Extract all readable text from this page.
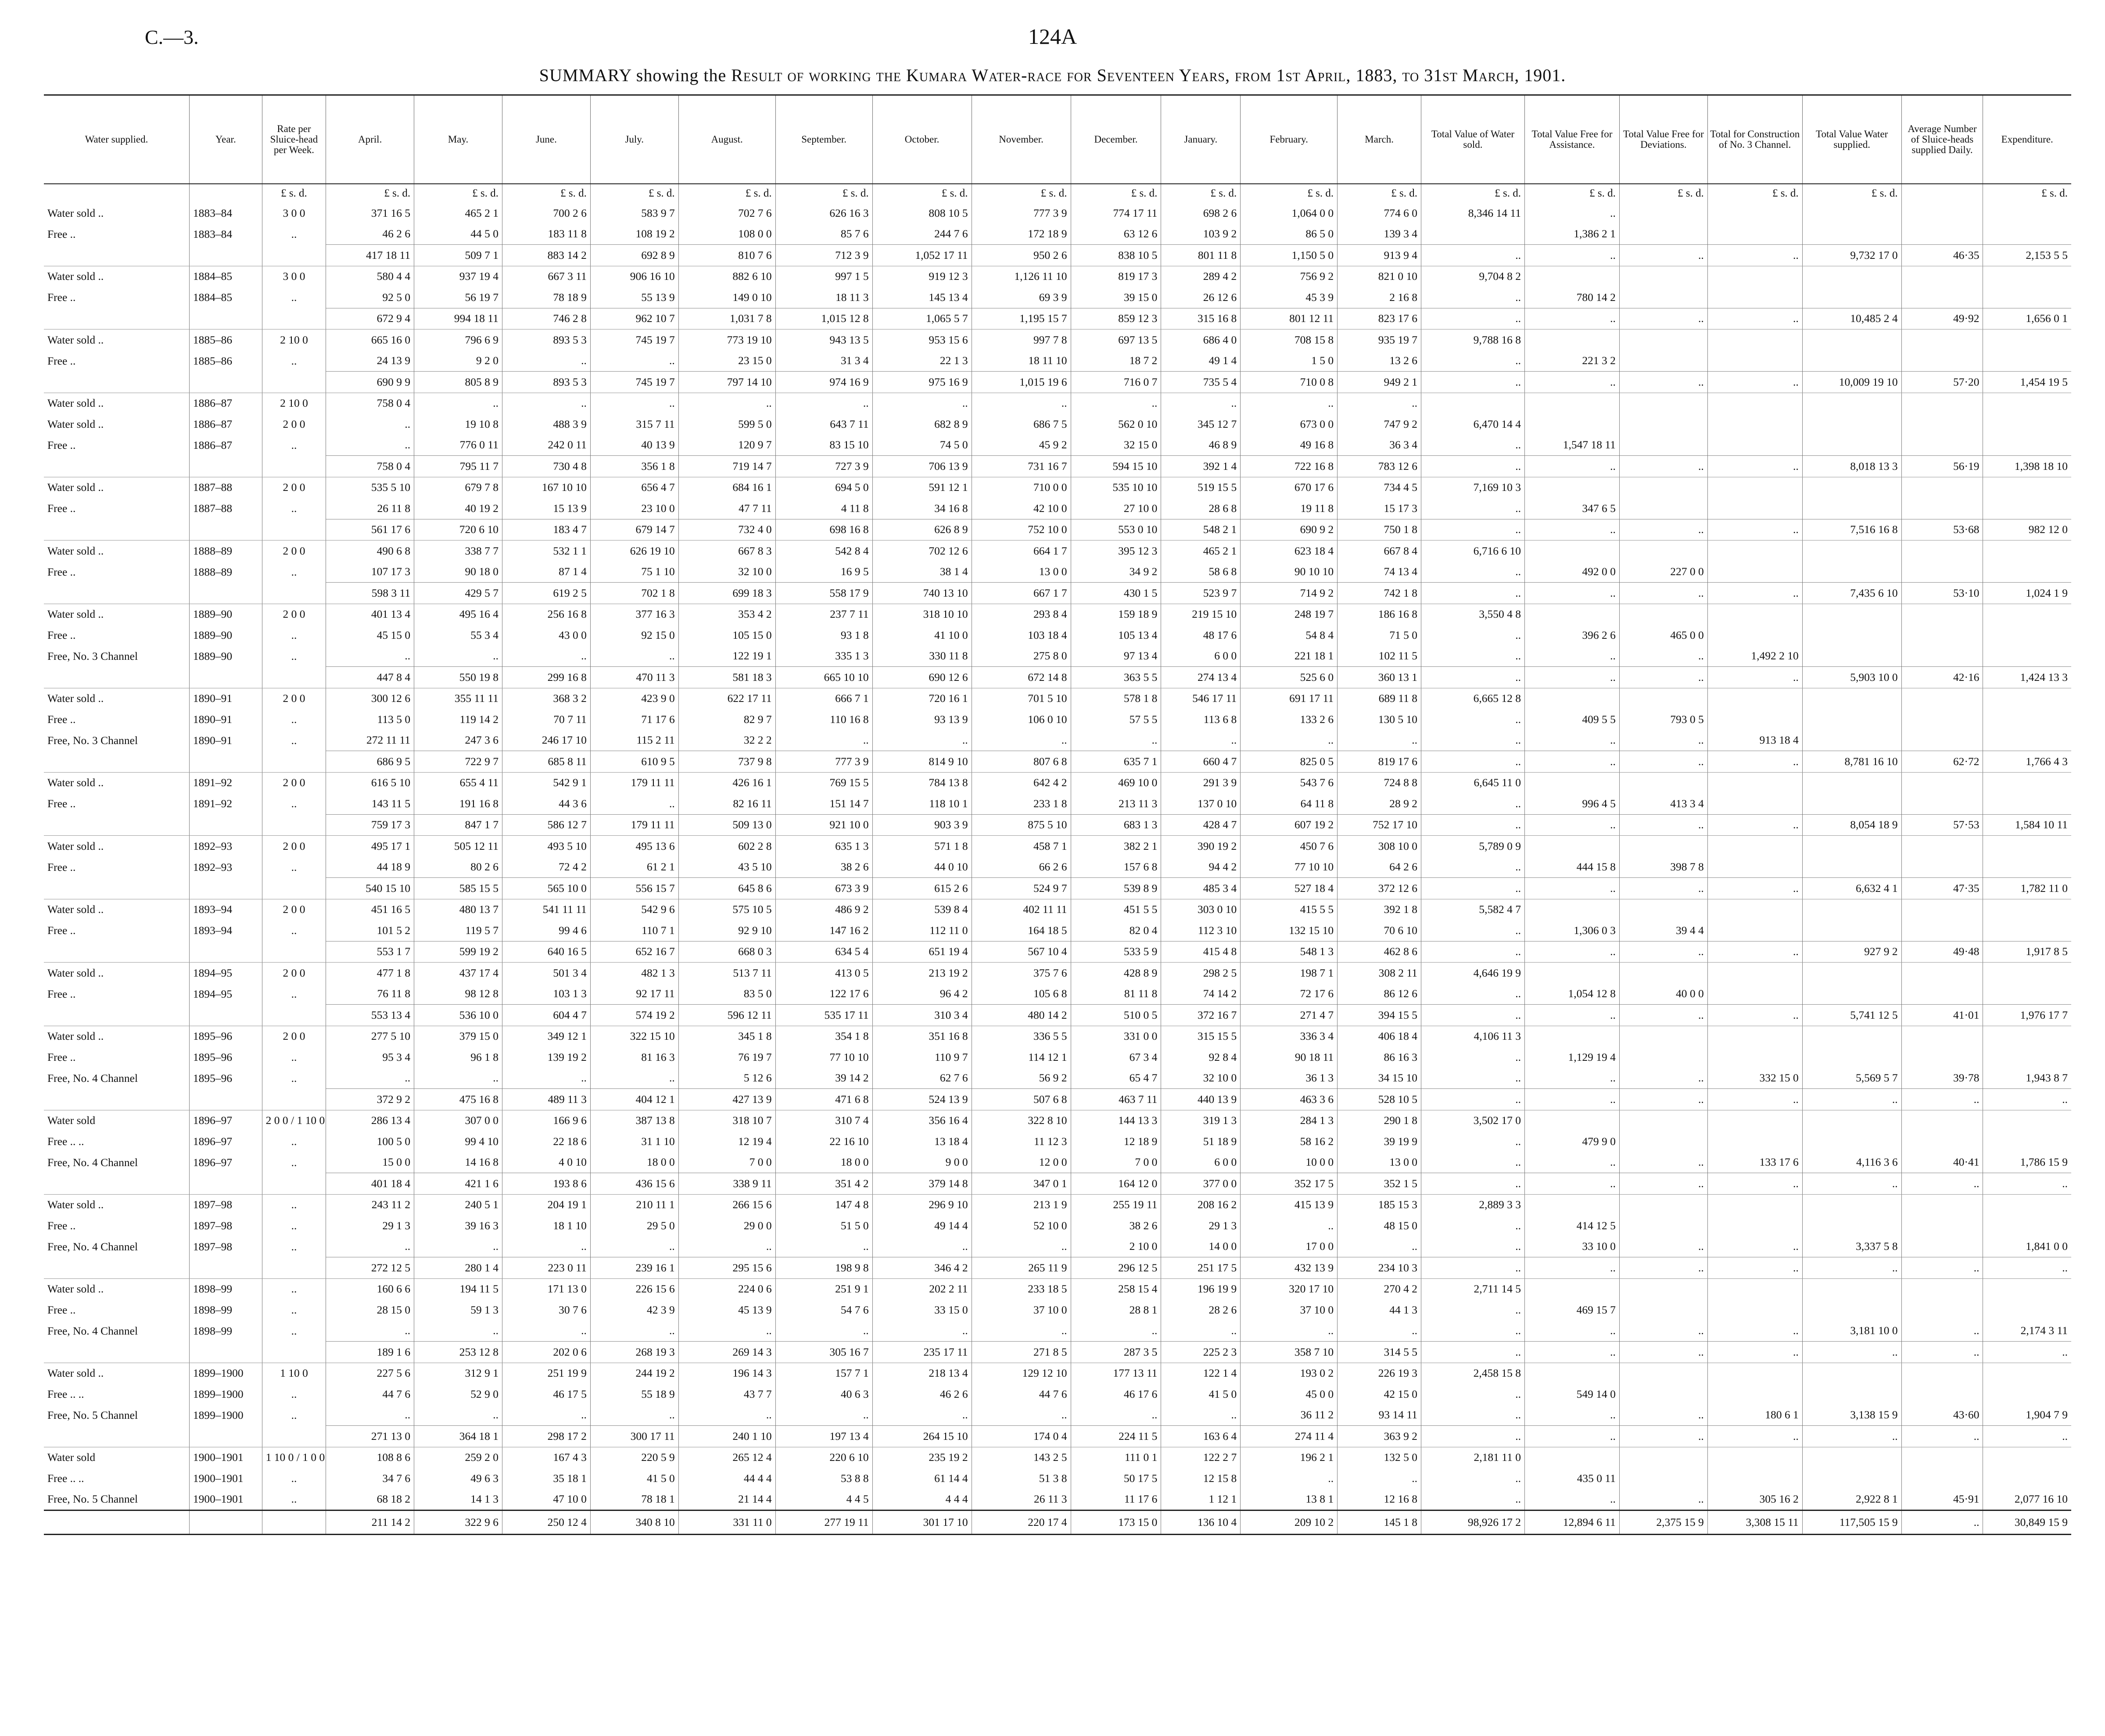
C.—3.	124A
SUMMARY showing the Result of working the Kumara Water-race for Seventeen Years, from 1st April, 1883, to 31st March, 1901.
Water supplied.	Year.	Rate per Sluice-head per Week.	April.	May.	June.	July.	August.	September.	October.	November.	December.	January.	February.	March.	Total Value of Water sold.	Total Value Free for Assistance.	Total Value Free for Deviations.	Total for Construction of No. 3 Channel.	Total Value Water supplied.	Average Number of Sluice-heads supplied Daily.	Expenditure.
		£ s. d.	£ s. d.	£ s. d.	£ s. d.	£ s. d.	£ s. d.	£ s. d.	£ s. d.	£ s. d.	£ s. d.	£ s. d.	£ s. d.	£ s. d.	£ s. d.	£ s. d.	£ s. d.	£ s. d.	£ s. d.		£ s. d.
Water sold ..	1883–84	3 0 0	371 16 5	465 2 1	700 2 6	583 9 7	702 7 6	626 16 3	808 10 5	777 3 9	774 17 11	698 2 6	1,064 0 0	774 6 0	8,346 14 11	..					
Free ..	1883–84	..	46 2 6	44 5 0	183 11 8	108 19 2	108 0 0	85 7 6	244 7 6	172 18 9	63 12 6	103 9 2	86 5 0	139 3 4		1,386 2 1					
			417 18 11	509 7 1	883 14 2	692 8 9	810 7 6	712 3 9	1,052 17 11	950 2 6	838 10 5	801 11 8	1,150 5 0	913 9 4	..	..	..	..	9,732 17 0	46·35	2,153 5 5
Water sold ..	1884–85	3 0 0	580 4 4	937 19 4	667 3 11	906 16 10	882 6 10	997 1 5	919 12 3	1,126 11 10	819 17 3	289 4 2	756 9 2	821 0 10	9,704 8 2						
Free ..	1884–85	..	92 5 0	56 19 7	78 18 9	55 13 9	149 0 10	18 11 3	145 13 4	69 3 9	39 15 0	26 12 6	45 3 9	2 16 8	..	780 14 2					
			672 9 4	994 18 11	746 2 8	962 10 7	1,031 7 8	1,015 12 8	1,065 5 7	1,195 15 7	859 12 3	315 16 8	801 12 11	823 17 6	..	..	..	..	10,485 2 4	49·92	1,656 0 1
Water sold ..	1885–86	2 10 0	665 16 0	796 6 9	893 5 3	745 19 7	773 19 10	943 13 5	953 15 6	997 7 8	697 13 5	686 4 0	708 15 8	935 19 7	9,788 16 8						
Free ..	1885–86	..	24 13 9	9 2 0	..	..	23 15 0	31 3 4	22 1 3	18 11 10	18 7 2	49 1 4	1 5 0	13 2 6	..	221 3 2					
			690 9 9	805 8 9	893 5 3	745 19 7	797 14 10	974 16 9	975 16 9	1,015 19 6	716 0 7	735 5 4	710 0 8	949 2 1	..	..	..	..	10,009 19 10	57·20	1,454 19 5
Water sold ..	1886–87	2 10 0	758 0 4	..	..	..	..	..	..	..	..	..	..	..							
Water sold ..	1886–87	2 0 0	..	19 10 8	488 3 9	315 7 11	599 5 0	643 7 11	682 8 9	686 7 5	562 0 10	345 12 7	673 0 0	747 9 2	6,470 14 4						
Free ..	1886–87	..	..	776 0 11	242 0 11	40 13 9	120 9 7	83 15 10	74 5 0	45 9 2	32 15 0	46 8 9	49 16 8	36 3 4	..	1,547 18 11					
			758 0 4	795 11 7	730 4 8	356 1 8	719 14 7	727 3 9	706 13 9	731 16 7	594 15 10	392 1 4	722 16 8	783 12 6	..	..	..	..	8,018 13 3	56·19	1,398 18 10
Water sold ..	1887–88	2 0 0	535 5 10	679 7 8	167 10 10	656 4 7	684 16 1	694 5 0	591 12 1	710 0 0	535 10 10	519 15 5	670 17 6	734 4 5	7,169 10 3						
Free ..	1887–88	..	26 11 8	40 19 2	15 13 9	23 10 0	47 7 11	4 11 8	34 16 8	42 10 0	27 10 0	28 6 8	19 11 8	15 17 3	..	347 6 5					
			561 17 6	720 6 10	183 4 7	679 14 7	732 4 0	698 16 8	626 8 9	752 10 0	553 0 10	548 2 1	690 9 2	750 1 8	..	..	..	..	7,516 16 8	53·68	982 12 0
Water sold ..	1888–89	2 0 0	490 6 8	338 7 7	532 1 1	626 19 10	667 8 3	542 8 4	702 12 6	664 1 7	395 12 3	465 2 1	623 18 4	667 8 4	6,716 6 10						
Free ..	1888–89	..	107 17 3	90 18 0	87 1 4	75 1 10	32 10 0	16 9 5	38 1 4	13 0 0	34 9 2	58 6 8	90 10 10	74 13 4	..	492 0 0	227 0 0				
			598 3 11	429 5 7	619 2 5	702 1 8	699 18 3	558 17 9	740 13 10	667 1 7	430 1 5	523 9 7	714 9 2	742 1 8	..	..	..	..	7,435 6 10	53·10	1,024 1 9
Water sold ..	1889–90	2 0 0	401 13 4	495 16 4	256 16 8	377 16 3	353 4 2	237 7 11	318 10 10	293 8 4	159 18 9	219 15 10	248 19 7	186 16 8	3,550 4 8						
Free ..	1889–90	..	45 15 0	55 3 4	43 0 0	92 15 0	105 15 0	93 1 8	41 10 0	103 18 4	105 13 4	48 17 6	54 8 4	71 5 0	..	396 2 6	465 0 0				
Free, No. 3 Channel	1889–90	..	..	..	..	..	122 19 1	335 1 3	330 11 8	275 8 0	97 13 4	6 0 0	221 18 1	102 11 5	..	..	..	1,492 2 10			
			447 8 4	550 19 8	299 16 8	470 11 3	581 18 3	665 10 10	690 12 6	672 14 8	363 5 5	274 13 4	525 6 0	360 13 1	..	..	..	..	5,903 10 0	42·16	1,424 13 3
Water sold ..	1890–91	2 0 0	300 12 6	355 11 11	368 3 2	423 9 0	622 17 11	666 7 1	720 16 1	701 5 10	578 1 8	546 17 11	691 17 11	689 11 8	6,665 12 8						
Free ..	1890–91	..	113 5 0	119 14 2	70 7 11	71 17 6	82 9 7	110 16 8	93 13 9	106 0 10	57 5 5	113 6 8	133 2 6	130 5 10	..	409 5 5	793 0 5				
Free, No. 3 Channel	1890–91	..	272 11 11	247 3 6	246 17 10	115 2 11	32 2 2	..	..	..	..	..	..	..	..	..	..	913 18 4			
			686 9 5	722 9 7	685 8 11	610 9 5	737 9 8	777 3 9	814 9 10	807 6 8	635 7 1	660 4 7	825 0 5	819 17 6	..	..	..	..	8,781 16 10	62·72	1,766 4 3
Water sold ..	1891–92	2 0 0	616 5 10	655 4 11	542 9 1	179 11 11	426 16 1	769 15 5	784 13 8	642 4 2	469 10 0	291 3 9	543 7 6	724 8 8	6,645 11 0						
Free ..	1891–92	..	143 11 5	191 16 8	44 3 6	..	82 16 11	151 14 7	118 10 1	233 1 8	213 11 3	137 0 10	64 11 8	28 9 2	..	996 4 5	413 3 4				
			759 17 3	847 1 7	586 12 7	179 11 11	509 13 0	921 10 0	903 3 9	875 5 10	683 1 3	428 4 7	607 19 2	752 17 10	..	..	..	..	8,054 18 9	57·53	1,584 10 11
Water sold ..	1892–93	2 0 0	495 17 1	505 12 11	493 5 10	495 13 6	602 2 8	635 1 3	571 1 8	458 7 1	382 2 1	390 19 2	450 7 6	308 10 0	5,789 0 9						
Free ..	1892–93	..	44 18 9	80 2 6	72 4 2	61 2 1	43 5 10	38 2 6	44 0 10	66 2 6	157 6 8	94 4 2	77 10 10	64 2 6	..	444 15 8	398 7 8				
			540 15 10	585 15 5	565 10 0	556 15 7	645 8 6	673 3 9	615 2 6	524 9 7	539 8 9	485 3 4	527 18 4	372 12 6	..	..	..	..	6,632 4 1	47·35	1,782 11 0
Water sold ..	1893–94	2 0 0	451 16 5	480 13 7	541 11 11	542 9 6	575 10 5	486 9 2	539 8 4	402 11 11	451 5 5	303 0 10	415 5 5	392 1 8	5,582 4 7						
Free ..	1893–94	..	101 5 2	119 5 7	99 4 6	110 7 1	92 9 10	147 16 2	112 11 0	164 18 5	82 0 4	112 3 10	132 15 10	70 6 10	..	1,306 0 3	39 4 4				
			553 1 7	599 19 2	640 16 5	652 16 7	668 0 3	634 5 4	651 19 4	567 10 4	533 5 9	415 4 8	548 1 3	462 8 6	..	..	..	..	927 9 2	49·48	1,917 8 5
Water sold ..	1894–95	2 0 0	477 1 8	437 17 4	501 3 4	482 1 3	513 7 11	413 0 5	213 19 2	375 7 6	428 8 9	298 2 5	198 7 1	308 2 11	4,646 19 9						
Free ..	1894–95	..	76 11 8	98 12 8	103 1 3	92 17 11	83 5 0	122 17 6	96 4 2	105 6 8	81 11 8	74 14 2	72 17 6	86 12 6	..	1,054 12 8	40 0 0				
			553 13 4	536 10 0	604 4 7	574 19 2	596 12 11	535 17 11	310 3 4	480 14 2	510 0 5	372 16 7	271 4 7	394 15 5	..	..	..	..	5,741 12 5	41·01	1,976 17 7
Water sold ..	1895–96	2 0 0	277 5 10	379 15 0	349 12 1	322 15 10	345 1 8	354 1 8	351 16 8	336 5 5	331 0 0	315 15 5	336 3 4	406 18 4	4,106 11 3						
Free ..	1895–96	..	95 3 4	96 1 8	139 19 2	81 16 3	76 19 7	77 10 10	110 9 7	114 12 1	67 3 4	92 8 4	90 18 11	86 16 3	..	1,129 19 4					
Free, No. 4 Channel	1895–96	..	..	..	..	..	5 12 6	39 14 2	62 7 6	56 9 2	65 4 7	32 10 0	36 1 3	34 15 10	..	..	..	332 15 0	5,569 5 7	39·78	1,943 8 7
			372 9 2	475 16 8	489 11 3	404 12 1	427 13 9	471 6 8	524 13 9	507 6 8	463 7 11	440 13 9	463 3 6	528 10 5	..	..	..	..	..	..	..
Water sold	1896–97	2 0 0 / 1 10 0	286 13 4	307 0 0	166 9 6	387 13 8	318 10 7	310 7 4	356 16 4	322 8 10	144 13 3	319 1 3	284 1 3	290 1 8	3,502 17 0						
Free .. ..	1896–97	..	100 5 0	99 4 10	22 18 6	31 1 10	12 19 4	22 16 10	13 18 4	11 12 3	12 18 9	51 18 9	58 16 2	39 19 9	..	479 9 0					
Free, No. 4 Channel	1896–97	..	15 0 0	14 16 8	4 0 10	18 0 0	7 0 0	18 0 0	9 0 0	12 0 0	7 0 0	6 0 0	10 0 0	13 0 0	..	..	..	133 17 6	4,116 3 6	40·41	1,786 15 9
			401 18 4	421 1 6	193 8 6	436 15 6	338 9 11	351 4 2	379 14 8	347 0 1	164 12 0	377 0 0	352 17 5	352 1 5	..	..	..	..	..	..	..
Water sold ..	1897–98	..	243 11 2	240 5 1	204 19 1	210 11 1	266 15 6	147 4 8	296 9 10	213 1 9	255 19 11	208 16 2	415 13 9	185 15 3	2,889 3 3						
Free ..	1897–98	..	29 1 3	39 16 3	18 1 10	29 5 0	29 0 0	51 5 0	49 14 4	52 10 0	38 2 6	29 1 3	..	48 15 0	..	414 12 5					
Free, No. 4 Channel	1897–98	..	..	..	..	..	..	..	..	..	2 10 0	14 0 0	17 0 0	..	..	33 10 0	..	..	3,337 5 8		1,841 0 0
			272 12 5	280 1 4	223 0 11	239 16 1	295 15 6	198 9 8	346 4 2	265 11 9	296 12 5	251 17 5	432 13 9	234 10 3	..	..	..	..	..	..	..
Water sold ..	1898–99	..	160 6 6	194 11 5	171 13 0	226 15 6	224 0 6	251 9 1	202 2 11	233 18 5	258 15 4	196 19 9	320 17 10	270 4 2	2,711 14 5						
Free ..	1898–99	..	28 15 0	59 1 3	30 7 6	42 3 9	45 13 9	54 7 6	33 15 0	37 10 0	28 8 1	28 2 6	37 10 0	44 1 3	..	469 15 7					
Free, No. 4 Channel	1898–99	..	..	..	..	..	..	..	..	..	..	..	..	..	..	..	..	..	3,181 10 0	..	2,174 3 11
			189 1 6	253 12 8	202 0 6	268 19 3	269 14 3	305 16 7	235 17 11	271 8 5	287 3 5	225 2 3	358 7 10	314 5 5	..	..	..	..	..	..	..
Water sold ..	1899–1900	1 10 0	227 5 6	312 9 1	251 19 9	244 19 2	196 14 3	157 7 1	218 13 4	129 12 10	177 13 11	122 1 4	193 0 2	226 19 3	2,458 15 8						
Free .. ..	1899–1900	..	44 7 6	52 9 0	46 17 5	55 18 9	43 7 7	40 6 3	46 2 6	44 7 6	46 17 6	41 5 0	45 0 0	42 15 0	..	549 14 0					
Free, No. 5 Channel	1899–1900	..	..	..	..	..	..	..	..	..	..	..	36 11 2	93 14 11	..	..	..	180 6 1	3,138 15 9	43·60	1,904 7 9
			271 13 0	364 18 1	298 17 2	300 17 11	240 1 10	197 13 4	264 15 10	174 0 4	224 11 5	163 6 4	274 11 4	363 9 2	..	..	..	..	..	..	..
Water sold	1900–1901	1 10 0 / 1 0 0	108 8 6	259 2 0	167 4 3	220 5 9	265 12 4	220 6 10	235 19 2	143 2 5	111 0 1	122 2 7	196 2 1	132 5 0	2,181 11 0						
Free .. ..	1900–1901	..	34 7 6	49 6 3	35 18 1	41 5 0	44 4 4	53 8 8	61 14 4	51 3 8	50 17 5	12 15 8	..	..	..	435 0 11					
Free, No. 5 Channel	1900–1901	..	68 18 2	14 1 3	47 10 0	78 18 1	21 14 4	4 4 5	4 4 4	26 11 3	11 17 6	1 12 1	13 8 1	12 16 8	..	..	..	305 16 2	2,922 8 1	45·91	2,077 16 10
			211 14 2	322 9 6	250 12 4	340 8 10	331 11 0	277 19 11	301 17 10	220 17 4	173 15 0	136 10 4	209 10 2	145 1 8	98,926 17 2	12,894 6 11	2,375 15 9	3,308 15 11	117,505 15 9	..	30,849 15 9
